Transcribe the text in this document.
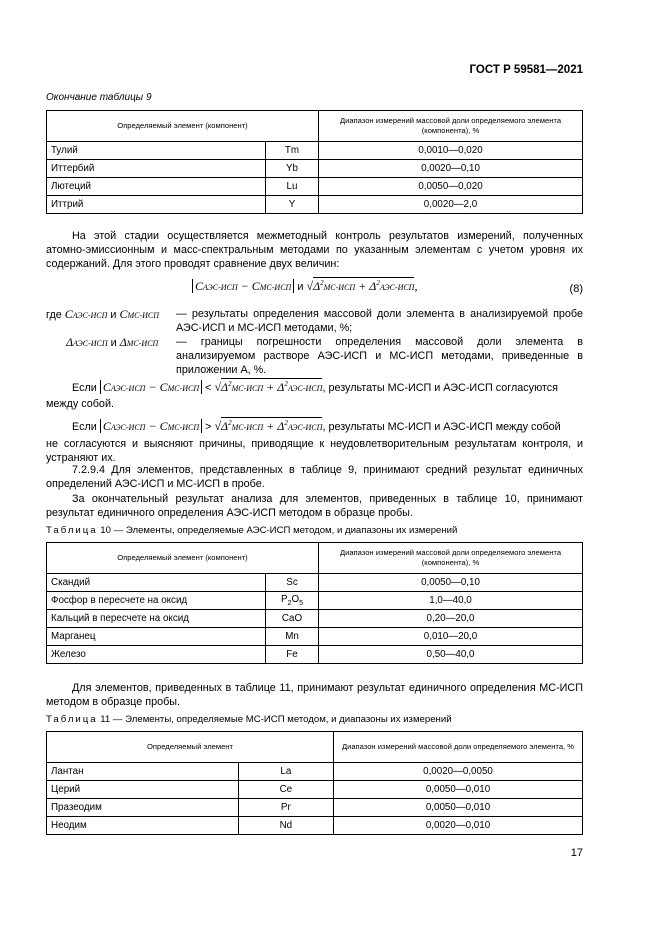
ГОСТ Р 59581—2021
Окончание таблицы 9
Определяемый элемент (компонент)		Диапазон измерений массовой доли определяемого элемента (компонента), %
Тулий	Tm	0,0010—0,020
Иттербий	Yb	0,0020—0,10
Лютеций	Lu	0,0050—0,020
Иттрий	Y	0,0020—2,0
На этой стадии осуществляется межметодный контроль результатов измерений, полученных атомно-эмиссионным и масс-спектральным методами по указанным элементам с учетом уровня их содержаний. Для этого проводят сравнение двух величин:
CАЭС-ИСП − CМС-ИСП и $√\Delta^2МС$-ИСП + $\Delta^2АЭС$-ИСП,	(8)
где CАЭС-ИСП и CМС-ИСП — результаты определения массовой доли элемента в анализируемой пробе АЭС-ИСП и МС-ИСП методами, %;
ΔАЭС-ИСП и ΔМС-ИСП — границы погрешности определения массовой доли элемента в анализируемом растворе АЭС-ИСП и МС-ИСП методами, приведенные в приложении А, %.
Если CАЭС-ИСП − $CМС-ИСП < √\Delta^2МС$-ИСП + $\Delta^2АЭС$-ИСП, результаты МС-ИСП и АЭС-ИСП согласуются
между собой.
Если CАЭС-ИСП − $CМС-ИСП > √\Delta^2МС$-ИСП + $\Delta^2АЭС$-ИСП, результаты МС-ИСП и АЭС-ИСП между собой
не согласуются и выясняют причины, приводящие к неудовлетворительным результатам контроля, и устраняют их.
7.2.9.4 Для элементов, представленных в таблице 9, принимают средний результат единичных определений АЭС-ИСП и МС-ИСП в пробе.
За окончательный результат анализа для элементов, приведенных в таблице 10, принимают результат единичного определения АЭС-ИСП методом в образце пробы.
Таблица 10 — Элементы, определяемые АЭС-ИСП методом, и диапазоны их измерений
Определяемый элемент (компонент)		Диапазон измерений массовой доли определяемого элемента (компонента), %
Скандий	Sc	0,0050—0,10
Фосфор в пересчете на оксид	$P_2O_5$	1,0—40,0
Кальций в пересчете на оксид	CaO	0,20—20,0
Марганец	Mn	0,010—20,0
Железо	Fe	0,50—40,0
Для элементов, приведенных в таблице 11, принимают результат единичного определения МС-ИСП методом в образце пробы.
Таблица 11 — Элементы, определяемые МС-ИСП методом, и диапазоны их измерений
Определяемый элемент		Диапазон измерений массовой доли определяемого элемента, %
Лантан	La	0,0020—0,0050
Церий	Ce	0,0050—0,010
Празеодим	Pr	0,0050—0,010
Неодим	Nd	0,0020—0,010
17
